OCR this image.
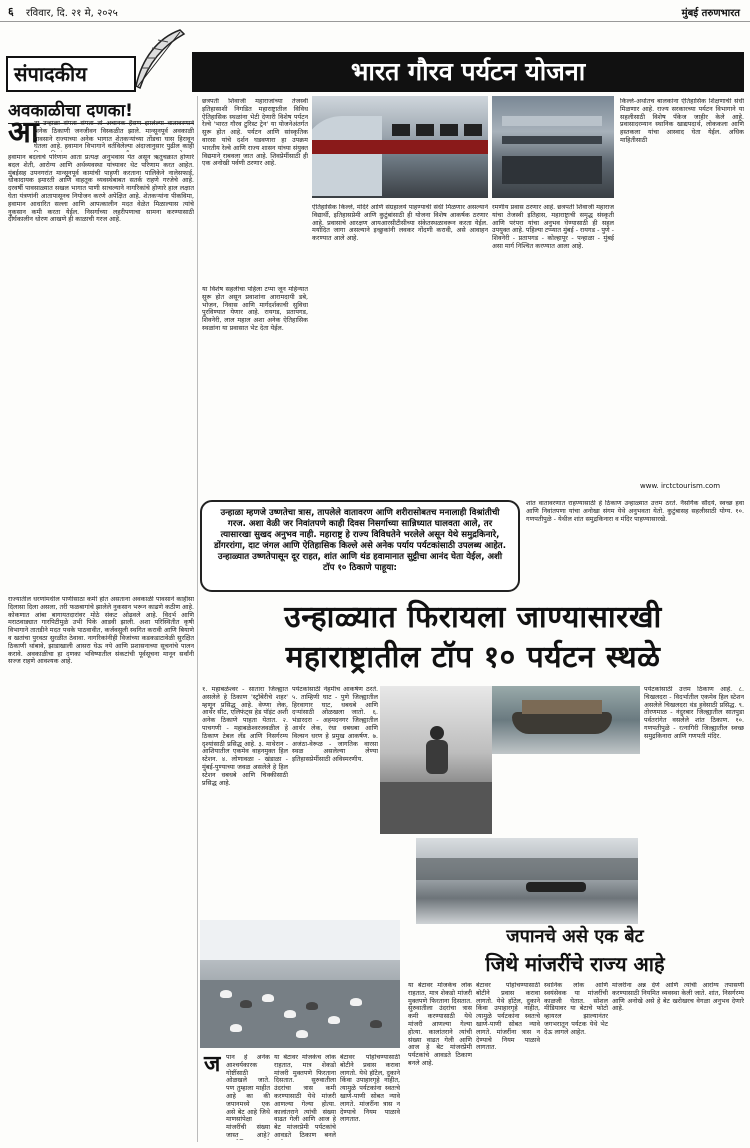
६ रविवार, दि. २१ मे, २०२५	मुंबई तरुणभारत
संपादकीय	भारत गौरव पर्यटन योजना
अवकाळीचा दणका!
आ
ता उन्हाळा संपता संपता तो अचानक हैराण झालेल्या वातावरणाने अनेक ठिकाणी जनजीवन विस्कळीत झाले. मान्सूनपूर्व अवकाळी पावसाने राज्याच्या अनेक भागात शेतकऱ्यांच्या तोंडचा घास हिरावून घेतला आहे. हवामान विभागाने वर्तविलेल्या अंदाजानुसार पुढील काही
हवामान बदलाचे परिणाम आता प्रत्यक्ष अनुभवास येत असून ऋतुचक्रात होणारे बदल शेती, आरोग्य आणि अर्थव्यवस्था यांच्यावर थेट परिणाम करत आहेत. मुंबईसह उपनगरांत मान्सूनपूर्व कामांची पाहणी करताना पालिकेने नालेसफाई, धोकादायक इमारती आणि वाहतूक व्यवस्थेबाबत सतर्क राहणे गरजेचे आहे. दरवर्षी पावसाळ्यात सखल भागात पाणी साचल्याने नागरिकांचे होणारे हाल लक्षात घेता यंत्रणांनी आतापासूनच नियोजन करणे अपेक्षित आहे. शेतकऱ्यांना पीकविमा, हवामान आधारित सल्ला आणि आपत्कालीन मदत वेळेत मिळाल्यास त्यांचे नुकसान कमी करता येईल. निसर्गाच्या लहरीपणाचा सामना करण्यासाठी दीर्घकालीन धोरण आखणे ही काळाची गरज आहे.
राज्यातील धरणांमधील पाणीसाठा कमी होत असताना अवकाळी पावसाने काहीसा दिलासा दिला असला, तरी फळबागांचे झालेले नुकसान भरून काढणे कठीण आहे. कोकणात आंबा बागायतदारांवर मोठे संकट ओढवले आहे. विदर्भ आणि मराठवाड्यात गारपिटीमुळे उभी पिके आडवी झाली. अशा परिस्थितीत कृषी विभागाने तातडीने मदत पथके पाठवावीत, कर्जवसुली स्थगित करावी आणि बियाणे व खतांचा पुरवठा सुरळीत ठेवावा. नागरिकांनीही विजांच्या कडकडाटावेळी सुरक्षित ठिकाणी थांबावे, झाडाखाली आसरा घेऊ नये आणि प्रशासनाच्या सूचनांचे पालन करावे. अवकाळीचा हा दणका भविष्यातील संकटांची पूर्वसूचना मानून सर्वांनी सज्ज राहणे आवश्यक आहे.
छत्रपती शिवाजी महाराजांच्या तेजस्वी इतिहासाशी निगडित महाराष्ट्रातील विविध ऐतिहासिक स्थळांना भेटी देणारी विशेष पर्यटन रेल्वे 'भारत गौरव टुरिस्ट ट्रेन' या योजनेअंतर्गत सुरू होत आहे. पर्यटन आणि सांस्कृतिक वारसा यांचे दर्शन घडवणारा हा उपक्रम भारतीय रेल्वे आणि राज्य शासन यांच्या संयुक्त विद्यमाने राबवला जात आहे. शिवप्रेमींसाठी ही एक अनोखी पर्वणी ठरणार आहे.
या विशेष सहलीचा पहिला टप्पा जून महिन्यात सुरू होत असून प्रवाशांना आरामदायी डबे, भोजन, निवास आणि मार्गदर्शकाची सुविधा पुरविण्यात येणार आहे. रायगड, प्रतापगड, शिवनेरी, लाल महाल अशा अनेक ऐतिहासिक स्थळांना या प्रवासात भेट देता येईल.
ऐतिहासिक किल्ले, मंदिरे आणि संग्रहालये पाहण्याची संधी मिळणार असल्याने विद्यार्थी, इतिहासप्रेमी आणि कुटुंबांसाठी ही योजना विशेष आकर्षक ठरणार आहे. प्रवासाचे आरक्षण आयआरसीटीसीच्या संकेतस्थळावरून करता येईल. मर्यादित जागा असल्याने इच्छुकांनी लवकर नोंदणी करावी, असे आवाहन करण्यात आले आहे.
रमणीय प्रवास ठरणार आहे. छत्रपती शिवाजी महाराज यांचा तेजस्वी इतिहास, महाराष्ट्राची समृद्ध संस्कृती आणि परंपरा यांचा अनुभव घेण्यासाठी ही सहल उपयुक्त आहे. पहिल्या टप्प्यात मुंबई - रायगड - पुणे - शिवनेरी - प्रतापगड - कोल्हापूर - पन्हाळा - मुंबई असा मार्ग निश्चित करण्यात आला आहे.
किल्ले-अर्थातच बालकांना ऐतिहासिक शिक्षणाची संधी मिळणार आहे. राज्य सरकारच्या पर्यटन विभागाने या सहलीसाठी विशेष पॅकेज जाहीर केले आहे. प्रवासादरम्यान स्थानिक खाद्यपदार्थ, लोककला आणि हस्तकला यांचा आस्वाद घेता येईल. अधिक माहितीसाठी
www. irctctourism.com
उन्हाळा म्हणजे उष्णतेचा त्रास, तापलेले वातावरण आणि शरीरासोबतच मनालाही विश्रांतीची गरज. अशा वेळी जर निवांतपणे काही दिवस निसर्गाच्या सान्निध्यात घालवता आले, तर त्यासारखा सुखद अनुभव नाही. महाराष्ट्र हे राज्य विविधतेने भरलेले असून येथे समुद्रकिनारे, डोंगररांगा, दाट जंगल आणि ऐतिहासिक किल्ले असे अनेक पर्याय पर्यटकांसाठी उपलब्ध आहेत. उन्हाळ्यात उष्णतेपासून दूर राहत, शांत आणि थंड हवामानात सुट्टीचा आनंद घेता येईल, अशी टॉप १० ठिकाणे पाहूया:
शांत वातावरणात राहण्यासाठी हे ठिकाण उन्हाळ्यात उत्तम ठरते. नैसर्गिक सौंदर्य, स्वच्छ हवा आणि निवांतपणा यांचा अनोखा संगम येथे अनुभवता येतो. कुटुंबासह सहलीसाठी योग्य. १०. गणपतीपुळे - येथील शांत समुद्रकिनारा व मंदिर पाहण्यासारखे.
उन्हाळ्यात फिरायला जाण्यासारखी
महाराष्ट्रातील टॉप १० पर्यटन स्थळे
१. महाबळेश्वर - सातारा जिल्ह्यात असलेले हे ठिकाण 'स्ट्रॉबेरीचे शहर' म्हणून प्रसिद्ध आहे. वेण्णा लेक, आर्थर सीट, एलिफंट्स हेड पॉइंट अशी अनेक ठिकाणे पाहता येतात. २. पाचगणी - महाबळेश्वरजवळील हे ठिकाण टेबल लँड आणि निसर्गरम्य दृश्यांसाठी प्रसिद्ध आहे. ३. माथेरान - आशियातील एकमेव वाहनमुक्त हिल स्टेशन. ४. लोणावळा - खंडाळा - मुंबई-पुण्याच्या जवळ असलेले हे हिल स्टेशन धबधबे आणि चिक्कीसाठी प्रसिद्ध आहे.
पर्यटकांसाठी नेहमीच आकर्षण ठरते. ५. ताम्हिणी घाट - पुणे जिल्ह्यातील हिरवागार घाट, धबधबे आणि दऱ्यांसाठी ओळखला जातो. ६. भंडारदरा - अहमदनगर जिल्ह्यातील आर्थर लेक, रंधा धबधबा आणि विल्सन धरण हे प्रमुख आकर्षण. ७. अजंठा-वेरूळ - जागतिक वारसा स्थळ असलेल्या लेण्या इतिहासप्रेमींसाठी अविस्मरणीय.
पर्यटकांसाठी उत्तम ठिकाण आहे. ८. चिखलदरा - विदर्भातील एकमेव हिल स्टेशन असलेले चिखलदरा थंड हवेसाठी प्रसिद्ध. ९. तोरणमाळ - नंदुरबार जिल्ह्यातील सातपुडा पर्वतरांगेत वसलेले शांत ठिकाण. १०. गणपतीपुळे - रत्नागिरी जिल्ह्यातील स्वच्छ समुद्रकिनारा आणि गणपती मंदिर.
जपानचे असे एक बेट
जिथे मांजरींचे राज्य आहे
ज पान हे अनेक आश्चर्यकारक गोष्टींसाठी ओळखले जाते. पण तुम्हाला माहीत आहे का की जपानमध्ये एक असे बेट आहे जिथे माणसांपेक्षा मांजरींची संख्या जास्त आहे?
या बेटावर मोजकेच लोक राहतात, मात्र शेकडो मांजरी मुक्तपणे फिरताना दिसतात. सुरुवातीला उंदरांचा त्रास कमी करण्यासाठी येथे मांजरी आणल्या गेल्या होत्या. कालांतराने त्यांची संख्या वाढत गेली आणि आज हे बेट मांजरप्रेमी पर्यटकांचे आवडते ठिकाण बनले
बेटावर पोहोचण्यासाठी बोटीने प्रवास करावा लागतो. येथे हॉटेल, दुकाने किंवा उपाहारगृहे नाहीत, त्यामुळे पर्यटकांना स्वतःचे खाणे-पाणी सोबत न्यावे लागते. मांजरींना त्रास न देण्याचे नियम पाळावे लागतात.
या बेटावर मोजकेच लोक राहतात, मात्र शेकडो मांजरी मुक्तपणे फिरताना दिसतात. सुरुवातीला उंदरांचा त्रास कमी करण्यासाठी येथे मांजरी आणल्या गेल्या होत्या. कालांतराने त्यांची संख्या वाढत गेली आणि आज हे बेट मांजरप्रेमी पर्यटकांचे आवडते ठिकाण बनले आहे.
बेटावर पोहोचण्यासाठी बोटीने प्रवास करावा लागतो. येथे हॉटेल, दुकाने किंवा उपाहारगृहे नाहीत, त्यामुळे पर्यटकांना स्वतःचे खाणे-पाणी सोबत न्यावे लागते. मांजरींना त्रास न देण्याचे नियम पाळावे लागतात.
स्थानिक लोक आणि स्वयंसेवक या मांजरींची काळजी घेतात. सोशल मीडियावर या बेटाचे फोटो व्हायरल झाल्यानंतर जगभरातून पर्यटक येथे भेट देऊ लागले आहेत.
मांजरींना अन्न देणे आणि त्यांची आरोग्य तपासणी करण्यासाठी नियमित व्यवस्था केली जाते. शांत, निसर्गरम्य आणि अनोखे असे हे बेट खरोखरच वेगळा अनुभव देणारे आहे.
